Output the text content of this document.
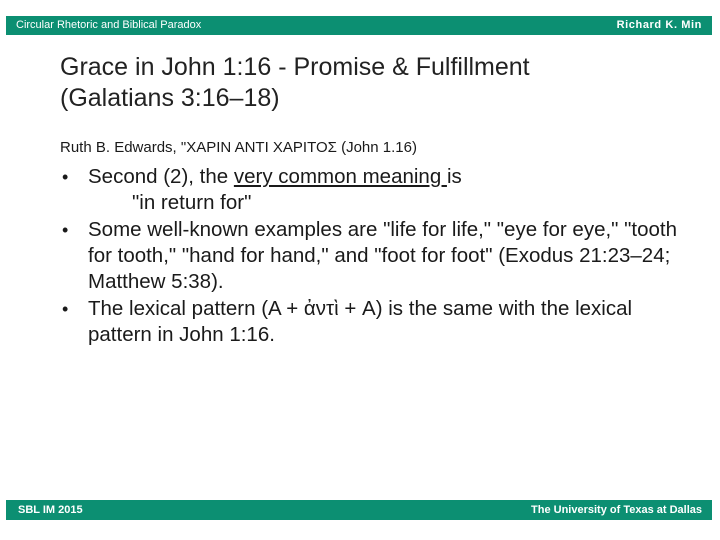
Circular Rhetoric and Biblical Paradox	Richard K. Min
Grace in John 1:16 - Promise & Fulfillment
(Galatians 3:16–18)
Ruth B. Edwards, "ΧΑΡΙΝ ΑΝΤΙ ΧΑΡΙΤΟΣ (John 1.16)
• Second (2), the very common meaning is
"in return for"
• Some well-known examples are "life for life," "eye for eye," "tooth for tooth," "hand for hand," and "foot for foot" (Exodus 21:23–24; Matthew 5:38).
• The lexical pattern (A + ἀντὶ + A) is the same with the lexical pattern in John 1:16.
SBL IM 2015	The University of Texas at Dallas
